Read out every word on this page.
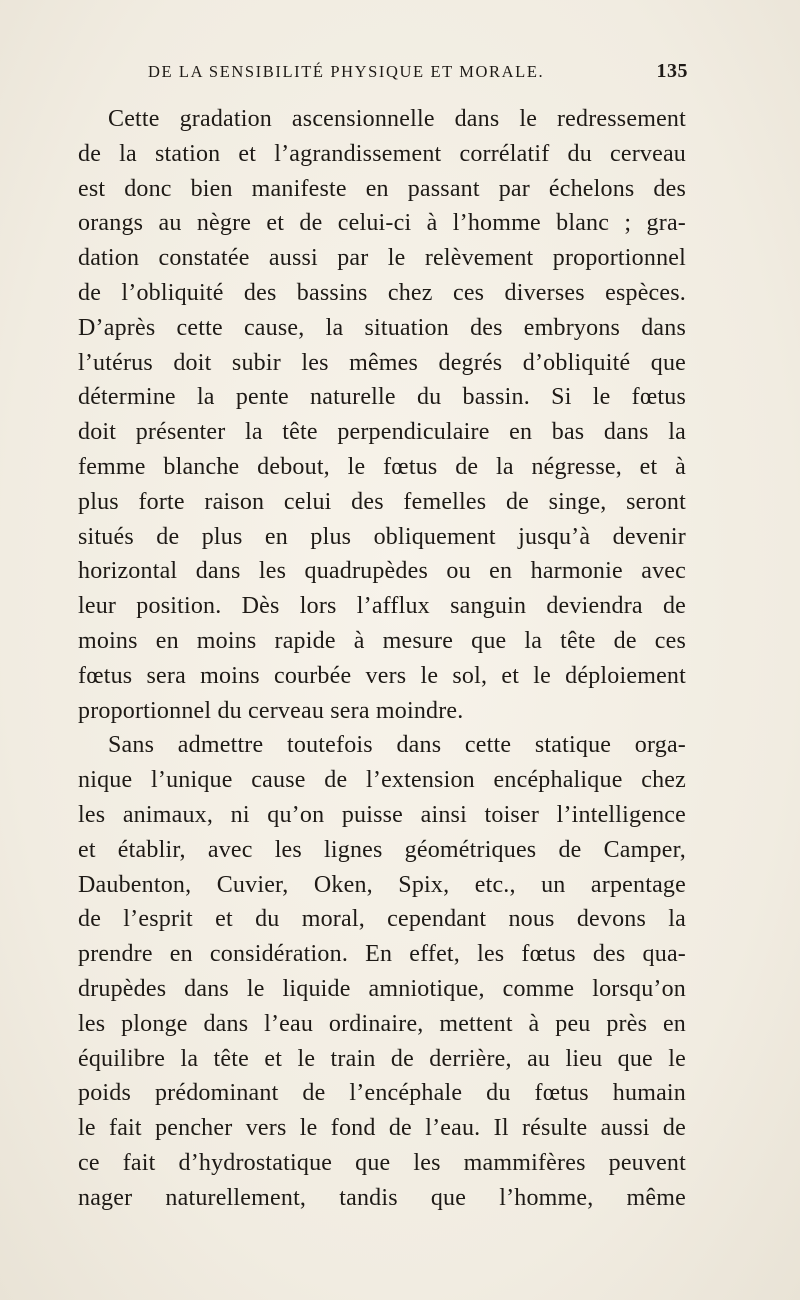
DE LA SENSIBILITÉ PHYSIQUE ET MORALE.	135
Cette gradation ascensionnelle dans le redressement
de la station et l’agrandissement corrélatif du cerveau
est donc bien manifeste en passant par échelons des
orangs au nègre et de celui-ci à l’homme blanc ; gra-
dation constatée aussi par le relèvement proportionnel
de l’obliquité des bassins chez ces diverses espèces.
D’après cette cause, la situation des embryons dans
l’utérus doit subir les mêmes degrés d’obliquité que
détermine la pente naturelle du bassin. Si le fœtus
doit présenter la tête perpendiculaire en bas dans la
femme blanche debout, le fœtus de la négresse, et à
plus forte raison celui des femelles de singe, seront
situés de plus en plus obliquement jusqu’à devenir
horizontal dans les quadrupèdes ou en harmonie avec
leur position. Dès lors l’afflux sanguin deviendra de
moins en moins rapide à mesure que la tête de ces
fœtus sera moins courbée vers le sol, et le déploiement
proportionnel du cerveau sera moindre.
Sans admettre toutefois dans cette statique orga-
nique l’unique cause de l’extension encéphalique chez
les animaux, ni qu’on puisse ainsi toiser l’intelligence
et établir, avec les lignes géométriques de Camper,
Daubenton, Cuvier, Oken, Spix, etc., un arpentage
de l’esprit et du moral, cependant nous devons la
prendre en considération. En effet, les fœtus des qua-
drupèdes dans le liquide amniotique, comme lorsqu’on
les plonge dans l’eau ordinaire, mettent à peu près en
équilibre la tête et le train de derrière, au lieu que le
poids prédominant de l’encéphale du fœtus humain
le fait pencher vers le fond de l’eau. Il résulte aussi de
ce fait d’hydrostatique que les mammifères peuvent
nager naturellement, tandis que l’homme, même
